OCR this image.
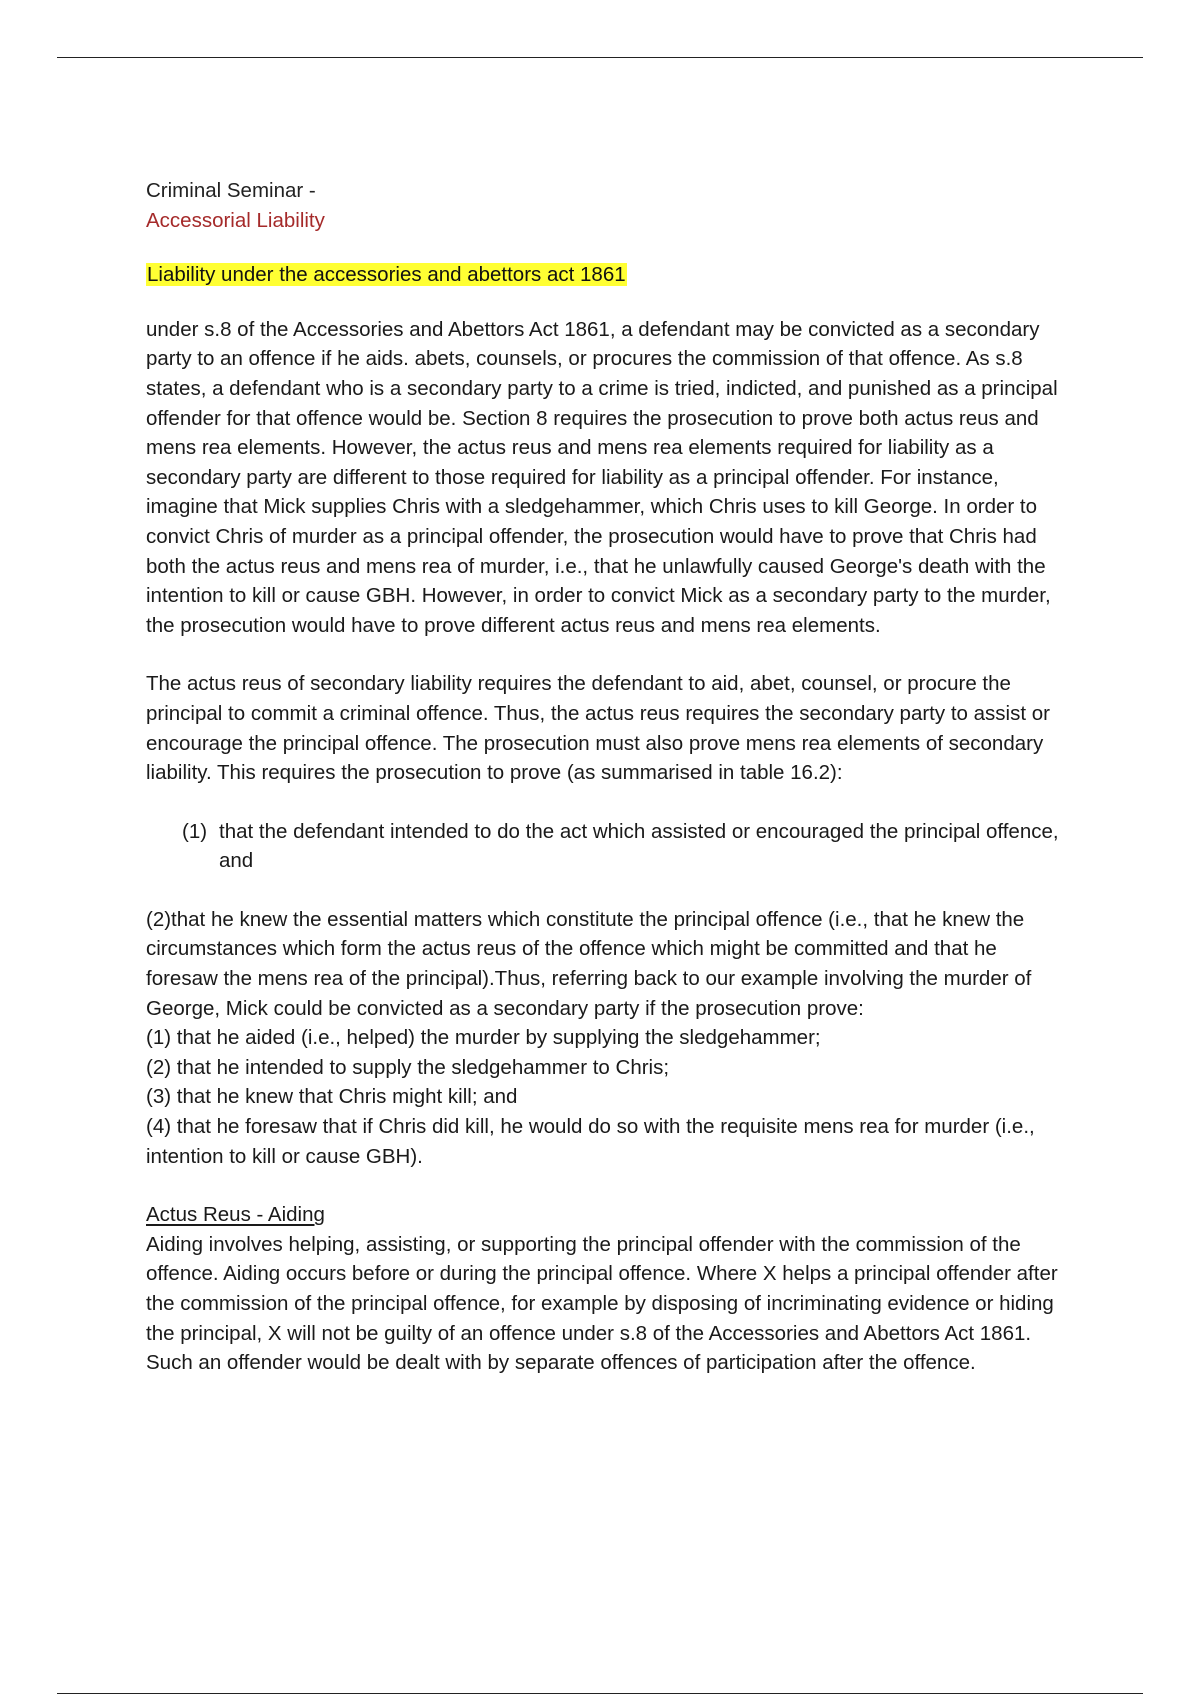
Criminal Seminar -

Accessorial Liability

Liability under the accessories and abettors act 1861

under s.8 of the Accessories and Abettors Act 1861, a defendant may be convicted as a secondary party to an offence if he aids. abets, counsels, or procures the commission of that offence. As s.8 states, a defendant who is a secondary party to a crime is tried, indicted, and punished as a principal offender for that offence would be. Section 8 requires the prosecution to prove both actus reus and mens rea elements. However, the actus reus and mens rea elements required for liability as a secondary party are different to those required for liability as a principal offender. For instance, imagine that Mick supplies Chris with a sledgehammer, which Chris uses to kill George. In order to convict Chris of murder as a principal offender, the prosecution would have to prove that Chris had both the actus reus and mens rea of murder, i.e., that he unlawfully caused George's death with the intention to kill or cause GBH. However, in order to convict Mick as a secondary party to the murder, the prosecution would have to prove different actus reus and mens rea elements.

The actus reus of secondary liability requires the defendant to aid, abet, counsel, or procure the principal to commit a criminal offence. Thus, the actus reus requires the secondary party to assist or encourage the principal offence. The prosecution must also prove mens rea elements of secondary liability. This requires the prosecution to prove (as summarised in table 16.2):

(1) that the defendant intended to do the act which assisted or encouraged the principal offence, and

(2)that he knew the essential matters which constitute the principal offence (i.e., that he knew the circumstances which form the actus reus of the offence which might be committed and that he foresaw the mens rea of the principal).Thus, referring back to our example involving the murder of George, Mick could be convicted as a secondary party if the prosecution prove:

(1) that he aided (i.e., helped) the murder by supplying the sledgehammer;

(2) that he intended to supply the sledgehammer to Chris;

(3) that he knew that Chris might kill; and

(4) that he foresaw that if Chris did kill, he would do so with the requisite mens rea for murder (i.e., intention to kill or cause GBH).

Actus Reus - Aiding

Aiding involves helping, assisting, or supporting the principal offender with the commission of the offence. Aiding occurs before or during the principal offence. Where X helps a principal offender after the commission of the principal offence, for example by disposing of incriminating evidence or hiding the principal, X will not be guilty of an offence under s.8 of the Accessories and Abettors Act 1861. Such an offender would be dealt with by separate offences of participation after the offence.
